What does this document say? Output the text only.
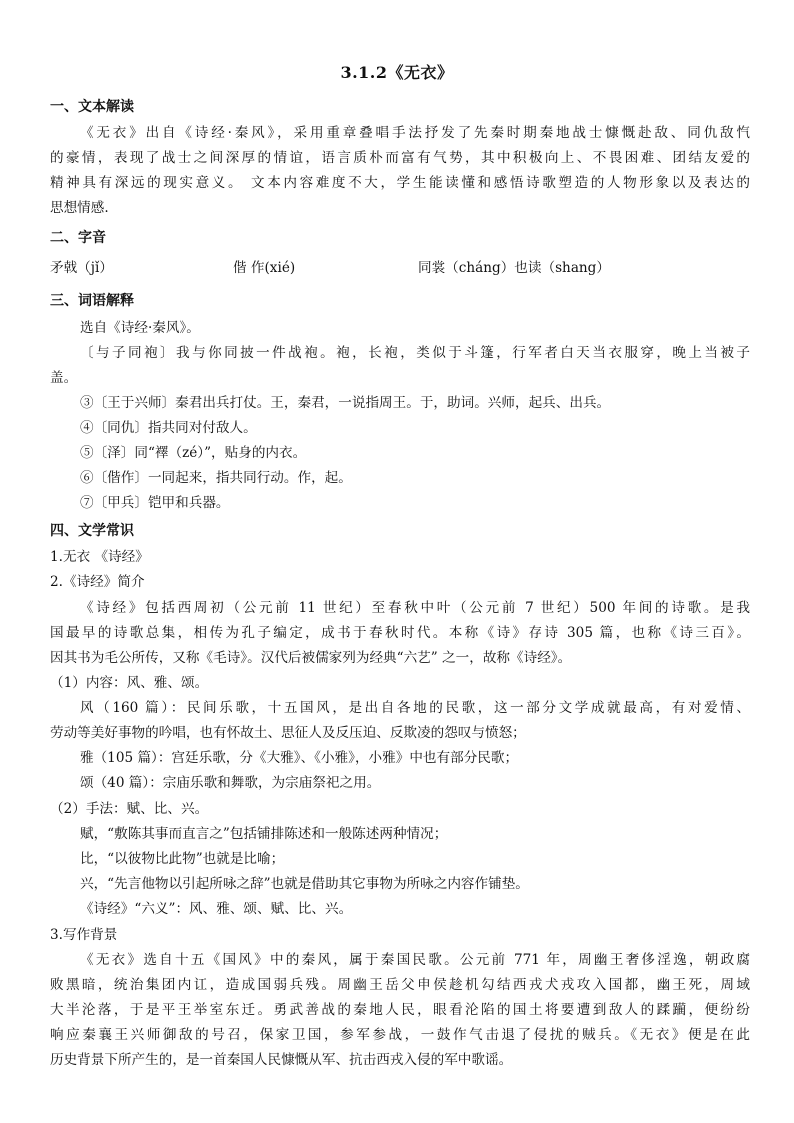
3.1.2《无衣》
一、文本解读
《无衣》出自《诗经·秦风》，采用重章叠唱手法抒发了先秦时期秦地战士慷慨赴敌、同仇敌忾
的豪情，表现了战士之间深厚的情谊，语言质朴而富有气势，其中积极向上、不畏困难、团结友爱的
精神具有深远的现实意义。 文本内容难度不大，学生能读懂和感悟诗歌塑造的人物形象以及表达的
思想情感.
二、字音
矛戟（jǐ）	偕 作(xié)	同裳（cháng）也读（shang）
三、词语解释
选自《诗经·秦风》。
〔与子同袍〕我与你同披一件战袍。袍，长袍，类似于斗篷，行军者白天当衣服穿，晚上当被子
盖。
③〔王于兴师〕秦君出兵打仗。王，秦君，一说指周王。于，助词。兴师，起兵、出兵。
④〔同仇〕指共同对付敌人。
⑤〔泽〕同“襗（zé）”，贴身的内衣。
⑥〔偕作〕一同起来，指共同行动。作，起。
⑦〔甲兵〕铠甲和兵器。
四、文学常识
1.无衣 《诗经》
2.《诗经》简介
《诗经》包括西周初（公元前 11 世纪）至春秋中叶（公元前 7 世纪）500 年间的诗歌。是我
国最早的诗歌总集，相传为孔子编定，成书于春秋时代。本称《诗》存诗 305 篇，也称《诗三百》。
因其书为毛公所传，又称《毛诗》。汉代后被儒家列为经典“六艺” 之一，故称《诗经》。
（1）内容：风、雅、颂。
风（160 篇）：民间乐歌，十五国风，是出自各地的民歌，这一部分文学成就最高，有对爱情、
劳动等美好事物的吟唱，也有怀故土、思征人及反压迫、反欺凌的怨叹与愤怒；
雅（105 篇）：宫廷乐歌，分《大雅》、《小雅》，小雅》中也有部分民歌；
颂（40 篇）：宗庙乐歌和舞歌，为宗庙祭祀之用。
（2）手法：赋、比、兴。
赋，“敷陈其事而直言之”包括铺排陈述和一般陈述两种情况；
比，“以彼物比此物”也就是比喻；
兴，“先言他物以引起所咏之辞”也就是借助其它事物为所咏之内容作铺垫。
《诗经》“六义”：风、雅、颂、赋、比、兴。
3.写作背景
《无衣》选自十五《国风》中的秦风，属于秦国民歌。公元前 771 年，周幽王奢侈淫逸，朝政腐
败黑暗，统治集团内讧，造成国弱兵残。周幽王岳父申侯趁机勾结西戎犬戎攻入国都，幽王死，周域
大半沦落，于是平王举室东迁。勇武善战的秦地人民，眼看沦陷的国土将要遭到敌人的蹂躏，便纷纷
响应秦襄王兴师御敌的号召，保家卫国，参军参战，一鼓作气击退了侵扰的贼兵。《无衣》便是在此
历史背景下所产生的，是一首秦国人民慷慨从军、抗击西戎入侵的军中歌谣。
